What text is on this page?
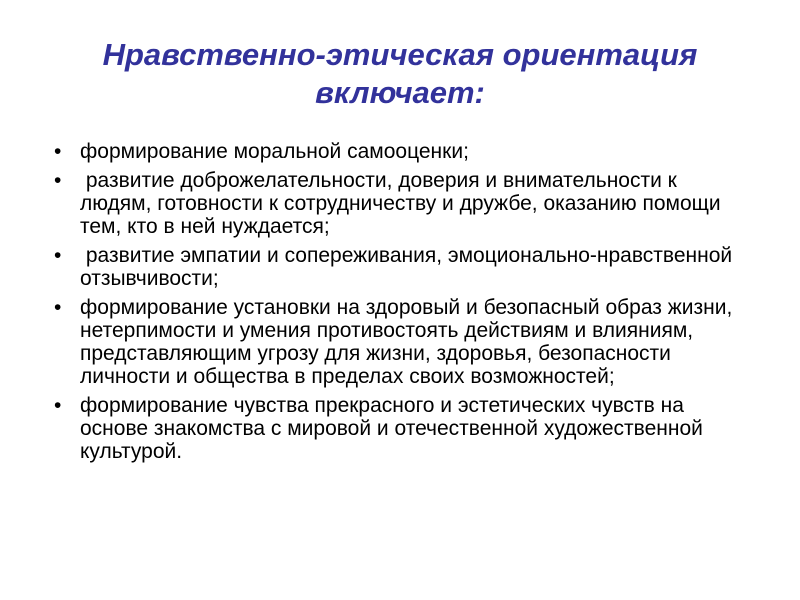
Нравственно-этическая ориентация
включает:
• формирование моральной самооценки;
• развитие доброжелательности, доверия и внимательности к людям, готовности к сотрудничеству и дружбе, оказанию помощи тем, кто в ней нуждается;
• развитие эмпатии и сопереживания, эмоционально-нравственной отзывчивости;
• формирование установки на здоровый и безопасный образ жизни, нетерпимости и умения противостоять действиям и влияниям, представляющим угрозу для жизни, здоровья, безопасности личности и общества в пределах своих возможностей;
• формирование чувства прекрасного и эстетических чувств на основе знакомства с мировой и отечественной художественной культурой.
